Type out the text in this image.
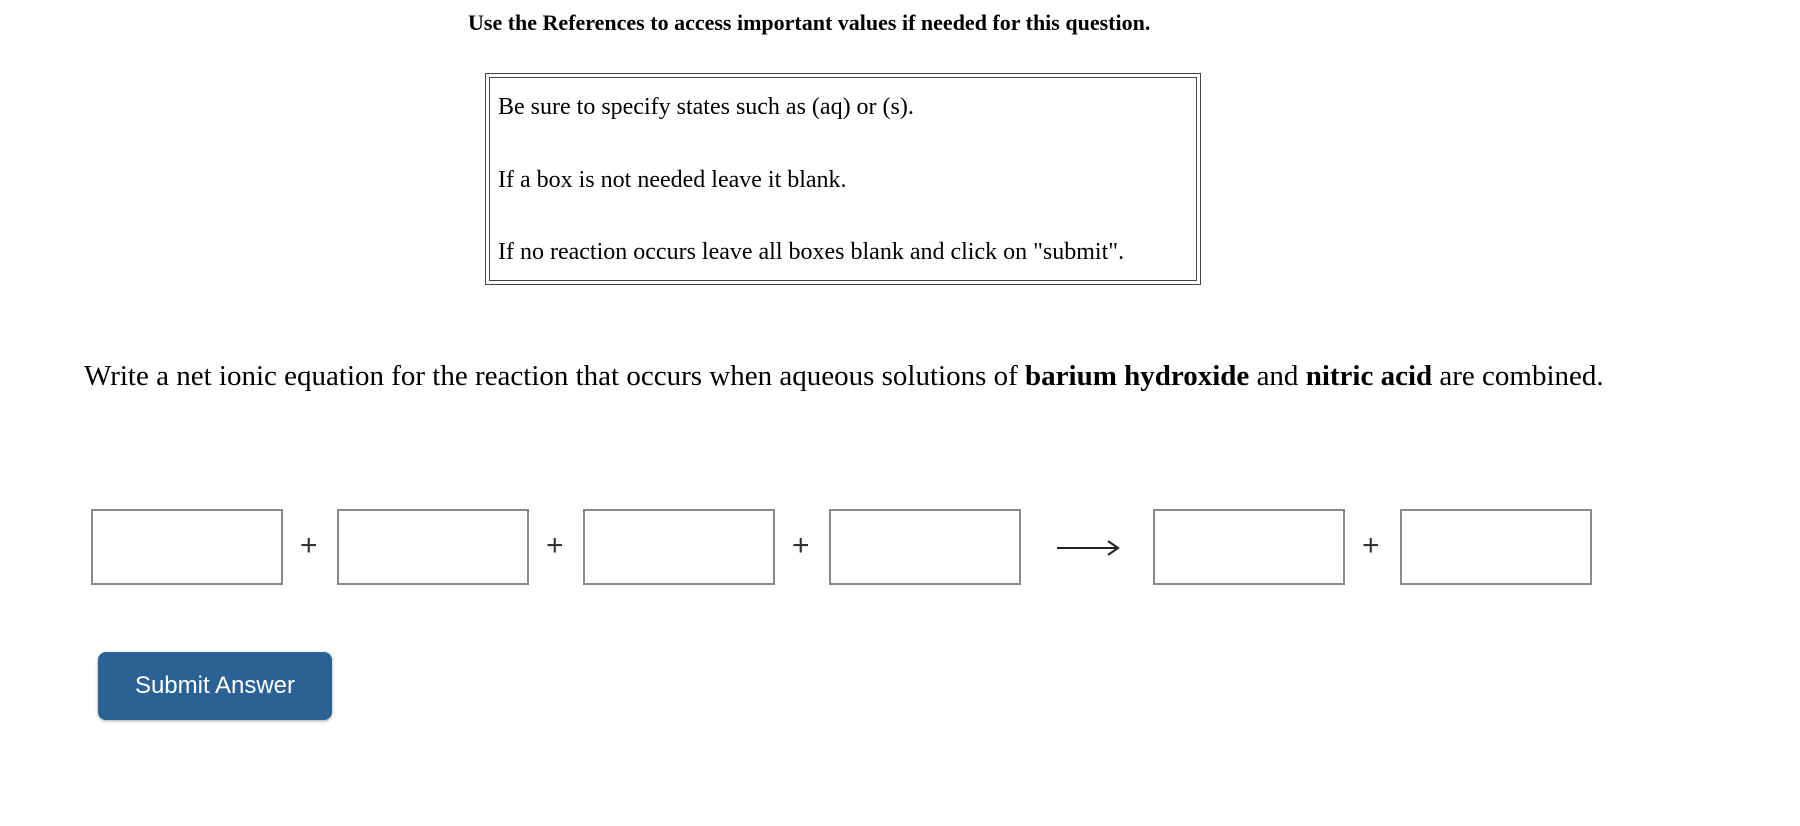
Use the References to access important values if needed for this question.
Be sure to specify states such as (aq) or (s).
If a box is not needed leave it blank.
If no reaction occurs leave all boxes blank and click on "submit".
Write a net ionic equation for the reaction that occurs when aqueous solutions of barium hydroxide and nitric acid are combined.
+	+	+	+
Submit Answer
